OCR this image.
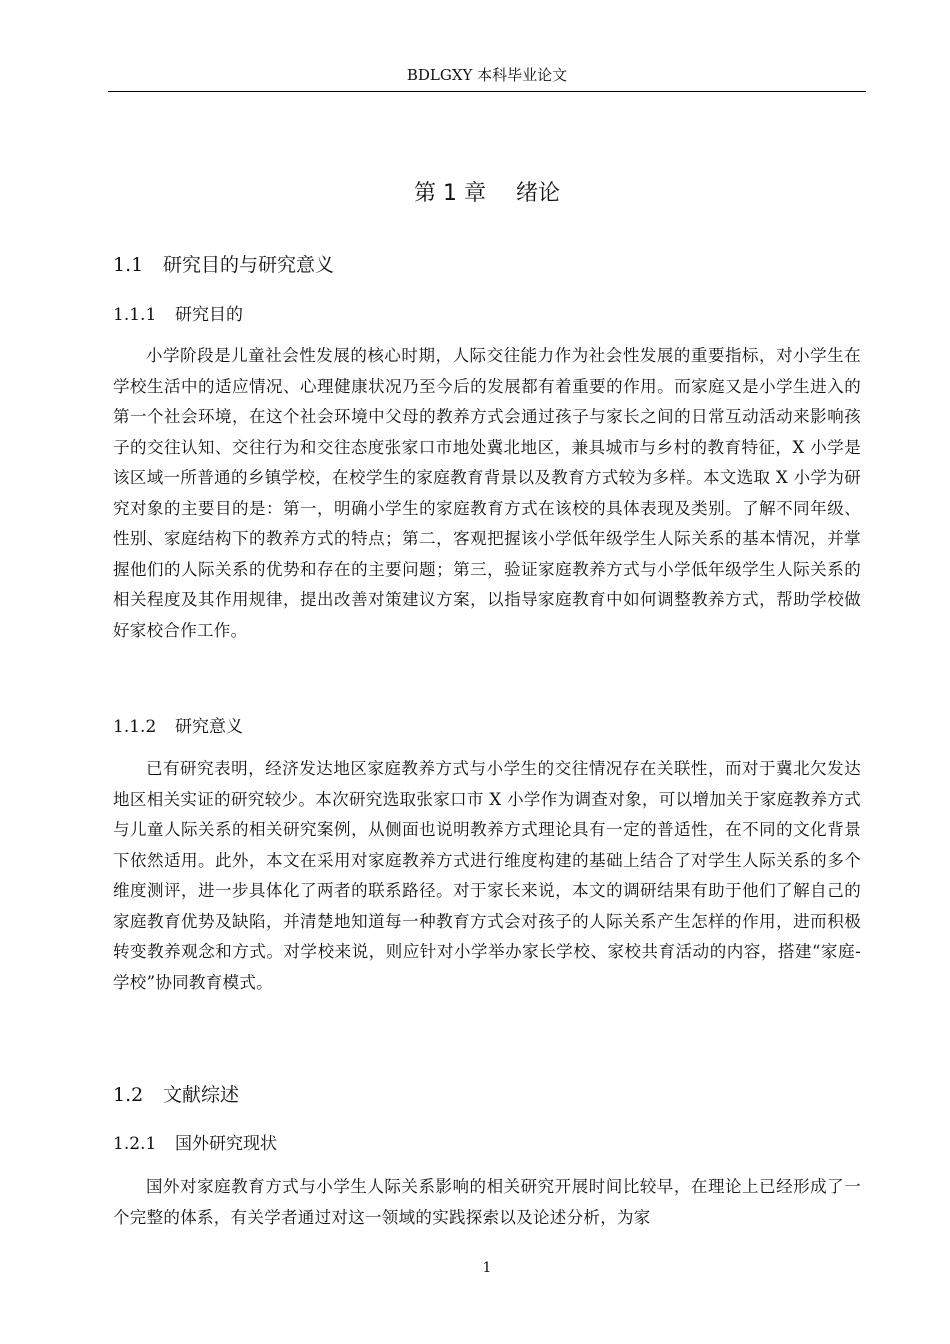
BDLGXY 本科毕业论文
第 1 章 绪论
1.1 研究目的与研究意义
1.1.1 研究目的

小学阶段是儿童社会性发展的核心时期，人际交往能力作为社会性发展的重要指标，对小学生在学校生活中的适应情况、心理健康状况乃至今后的发展都有着重要的作用。而家庭又是小学生进入的第一个社会环境，在这个社会环境中父母的教养方式会通过孩子与家长之间的日常互动活动来影响孩子的交往认知、交往行为和交往态度张家口市地处冀北地区，兼具城市与乡村的教育特征，X 小学是该区域一所普通的乡镇学校，在校学生的家庭教育背景以及教育方式较为多样。本文选取 X 小学为研究对象的主要目的是：第一，明确小学生的家庭教育方式在该校的具体表现及类别。了解不同年级、性别、家庭结构下的教养方式的特点；第二，客观把握该小学低年级学生人际关系的基本情况，并掌握他们的人际关系的优势和存在的主要问题；第三，验证家庭教养方式与小学低年级学生人际关系的相关程度及其作用规律，提出改善对策建议方案，以指导家庭教育中如何调整教养方式，帮助学校做好家校合作工作。

1.1.2 研究意义

已有研究表明，经济发达地区家庭教养方式与小学生的交往情况存在关联性，而对于冀北欠发达地区相关实证的研究较少。本次研究选取张家口市 X 小学作为调查对象，可以增加关于家庭教养方式与儿童人际关系的相关研究案例，从侧面也说明教养方式理论具有一定的普适性，在不同的文化背景下依然适用。此外，本文在采用对家庭教养方式进行维度构建的基础上结合了对学生人际关系的多个维度测评，进一步具体化了两者的联系路径。对于家长来说，本文的调研结果有助于他们了解自己的家庭教育优势及缺陷，并清楚地知道每一种教育方式会对孩子的人际关系产生怎样的作用，进而积极转变教养观念和方式。对学校来说，则应针对小学举办家长学校、家校共育活动的内容，搭建“家庭-学校”协同教育模式。

1.2 文献综述
1.2.1 国外研究现状

国外对家庭教育方式与小学生人际关系影响的相关研究开展时间比较早，在理论上已经形成了一个完整的体系，有关学者通过对这一领域的实践探索以及论述分析，为家

1
